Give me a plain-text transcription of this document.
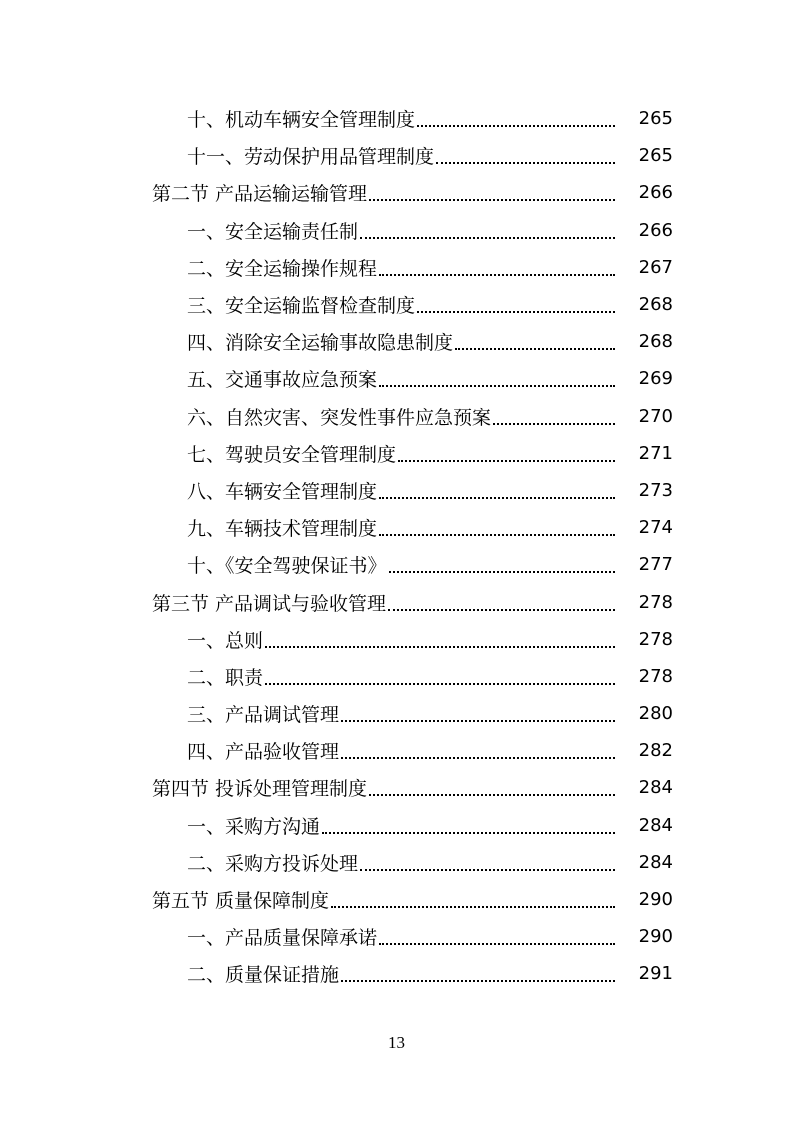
十、机动车辆安全管理制度	265
十一、劳动保护用品管理制度	265
第二节 产品运输运输管理	266
一、安全运输责任制	266
二、安全运输操作规程	267
三、安全运输监督检查制度	268
四、消除安全运输事故隐患制度	268
五、交通事故应急预案	269
六、自然灾害、突发性事件应急预案	270
七、驾驶员安全管理制度	271
八、车辆安全管理制度	273
九、车辆技术管理制度	274
十、《安全驾驶保证书》	277
第三节 产品调试与验收管理	278
一、总则	278
二、职责	278
三、产品调试管理	280
四、产品验收管理	282
第四节 投诉处理管理制度	284
一、采购方沟通	284
二、采购方投诉处理	284
第五节 质量保障制度	290
一、产品质量保障承诺	290
二、质量保证措施	291
13
